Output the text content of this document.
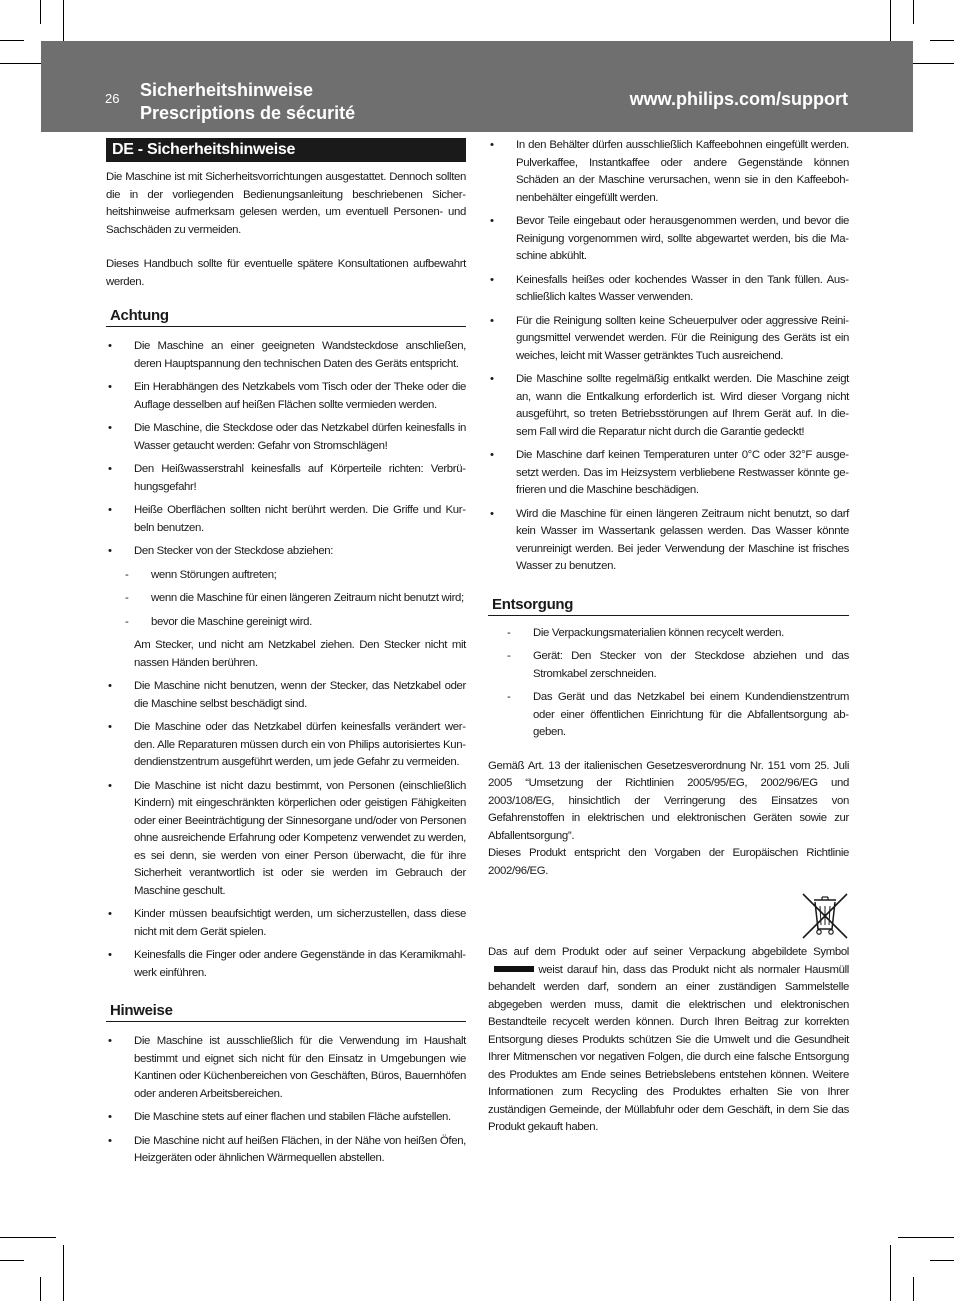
26 Sicherheitshinweise
Prescriptions de sécurité
www.philips.com/support
DE - Sicherheitshinweise

Die Maschine ist mit Sicherheitsvorrichtungen ausgestattet. Dennoch sollten die in der vorliegenden Bedienungsanleitung beschriebenen Sicherheitshinweise aufmerksam gelesen werden, um eventuell Personen- und Sachschäden zu vermeiden.

Dieses Handbuch sollte für eventuelle spätere Konsultationen aufbewahrt werden.

Achtung
• Die Maschine an einer geeigneten Wandsteckdose anschließen, deren Hauptspannung den technischen Daten des Geräts entspricht.
• Ein Herabhängen des Netzkabels vom Tisch oder der Theke oder die Auflage desselben auf heißen Flächen sollte vermieden werden.
• Die Maschine, die Steckdose oder das Netzkabel dürfen keinesfalls in Wasser getaucht werden: Gefahr von Stromschlägen!
• Den Heißwasserstrahl keinesfalls auf Körperteile richten: Verbrühungsgefahr!
• Heiße Oberflächen sollten nicht berührt werden. Die Griffe und Kurbeln benutzen.
• Den Stecker von der Steckdose abziehen:
- wenn Störungen auftreten;
- wenn die Maschine für einen längeren Zeitraum nicht benutzt wird;
- bevor die Maschine gereinigt wird.
Am Stecker, und nicht am Netzkabel ziehen. Den Stecker nicht mit nassen Händen berühren.
• Die Maschine nicht benutzen, wenn der Stecker, das Netzkabel oder die Maschine selbst beschädigt sind.
• Die Maschine oder das Netzkabel dürfen keinesfalls verändert werden. Alle Reparaturen müssen durch ein von Philips autorisiertes Kundendienstzentrum ausgeführt werden, um jede Gefahr zu vermeiden.
• Die Maschine ist nicht dazu bestimmt, von Personen (einschließlich Kindern) mit eingeschränkten körperlichen oder geistigen Fähigkeiten oder einer Beeinträchtigung der Sinnesorgane und/oder von Personen ohne ausreichende Erfahrung oder Kompetenz verwendet zu werden, es sei denn, sie werden von einer Person überwacht, die für ihre Sicherheit verantwortlich ist oder sie werden im Gebrauch der Maschine geschult.
• Kinder müssen beaufsichtigt werden, um sicherzustellen, dass diese nicht mit dem Gerät spielen.
• Keinesfalls die Finger oder andere Gegenstände in das Keramikmahlwerk einführen.
Hinweise
• Die Maschine ist ausschließlich für die Verwendung im Haushalt bestimmt und eignet sich nicht für den Einsatz in Umgebungen wie Kantinen oder Küchenbereichen von Geschäften, Büros, Bauernhöfen oder anderen Arbeitsbereichen.
• Die Maschine stets auf einer flachen und stabilen Fläche aufstellen.
• Die Maschine nicht auf heißen Flächen, in der Nähe von heißen Öfen, Heizgeräten oder ähnlichen Wärmequellen abstellen.
• In den Behälter dürfen ausschließlich Kaffeebohnen eingefüllt werden. Pulverkaffee, Instantkaffee oder andere Gegenstände können Schäden an der Maschine verursachen, wenn sie in den Kaffeebohnenbehälter eingefüllt werden.
• Bevor Teile eingebaut oder herausgenommen werden, und bevor die Reinigung vorgenommen wird, sollte abgewartet werden, bis die Maschine abkühlt.
• Keinesfalls heißes oder kochendes Wasser in den Tank füllen. Ausschließlich kaltes Wasser verwenden.
• Für die Reinigung sollten keine Scheuerpulver oder aggressive Reinigungsmittel verwendet werden. Für die Reinigung des Geräts ist ein weiches, leicht mit Wasser getränktes Tuch ausreichend.
• Die Maschine sollte regelmäßig entkalkt werden. Die Maschine zeigt an, wann die Entkalkung erforderlich ist. Wird dieser Vorgang nicht ausgeführt, so treten Betriebsstörungen auf Ihrem Gerät auf. In diesem Fall wird die Reparatur nicht durch die Garantie gedeckt!
• Die Maschine darf keinen Temperaturen unter 0°C oder 32°F ausgesetzt werden. Das im Heizsystem verbliebene Restwasser könnte gefrieren und die Maschine beschädigen.
• Wird die Maschine für einen längeren Zeitraum nicht benutzt, so darf kein Wasser im Wassertank gelassen werden. Das Wasser könnte verunreinigt werden. Bei jeder Verwendung der Maschine ist frisches Wasser zu benutzen.
Entsorgung
- Die Verpackungsmaterialien können recycelt werden.
- Gerät: Den Stecker von der Steckdose abziehen und das Stromkabel zerschneiden.
- Das Gerät und das Netzkabel bei einem Kundendienstzentrum oder einer öffentlichen Einrichtung für die Abfallentsorgung abgeben.

Gemäß Art. 13 der italienischen Gesetzesverordnung Nr. 151 vom 25. Juli 2005 “Umsetzung der Richtlinien 2005/95/EG, 2002/96/EG und 2003/108/EG, hinsichtlich der Verringerung des Einsatzes von Gefahrenstoffen in elektrischen und elektronischen Geräten sowie zur Abfallentsorgung”.

Dieses Produkt entspricht den Vorgaben der Europäischen Richtlinie 2002/96/EG.

Das auf dem Produkt oder auf seiner Verpackung abgebildete Symbol weist darauf hin, dass das Produkt nicht als normaler Hausmüll behandelt werden darf, sondern an einer zuständigen Sammelstelle abgegeben werden muss, damit die elektrischen und elektronischen Bestandteile recycelt werden können. Durch Ihren Beitrag zur korrekten Entsorgung dieses Produkts schützen Sie die Umwelt und die Gesundheit Ihrer Mitmenschen vor negativen Folgen, die durch eine falsche Entsorgung des Produktes am Ende seines Betriebslebens entstehen können. Weitere Informationen zum Recycling des Produktes erhalten Sie von Ihrer zuständigen Gemeinde, der Müllabfuhr oder dem Geschäft, in dem Sie das Produkt gekauft haben.
